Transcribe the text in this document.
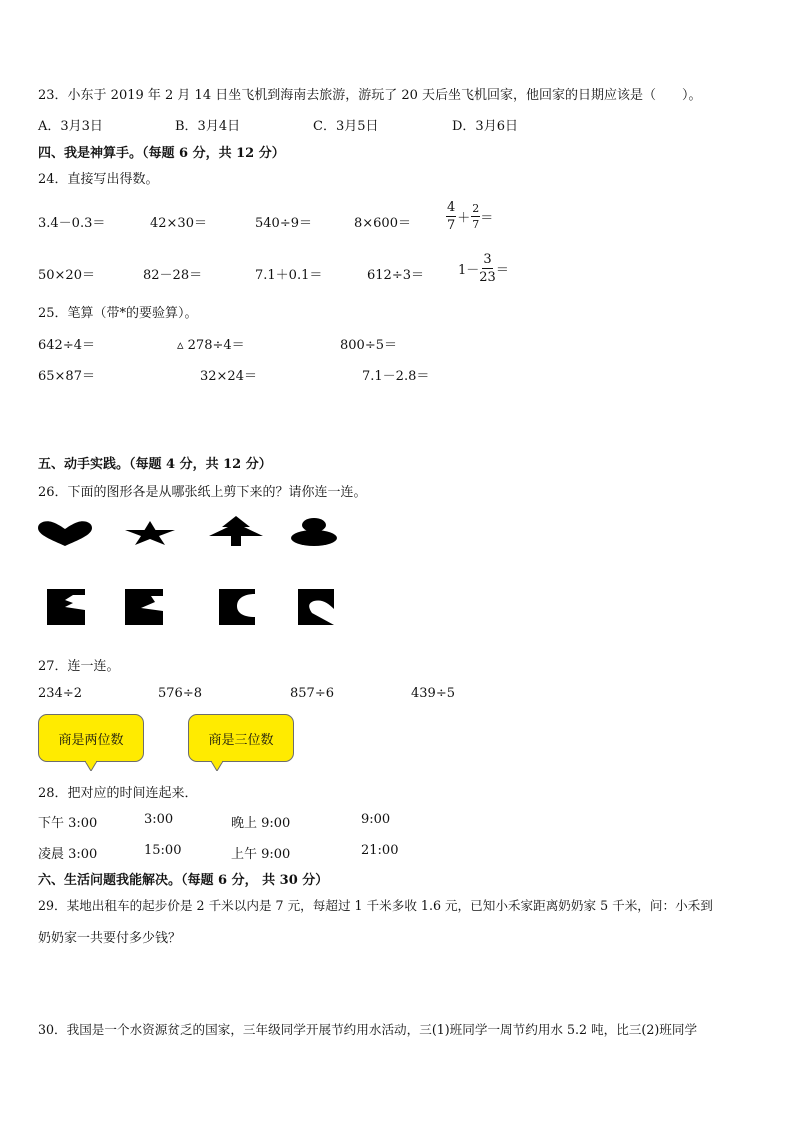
23．小东于 2019 年 2 月 14 日坐飞机到海南去旅游，游玩了 20 天后坐飞机回家，他回家的日期应该是（　　）。
A．3月3日	B．3月4日	C．3月5日	D．3月6日
四、我是神算手。（每题 6 分，共 12 分）
24．直接写出得数。
3.4－0.3＝	42×30＝	540÷9＝	8×600＝	$\frac{4}{7} + \frac{2}{7}$ ＝
50×20＝	82－28＝	7.1＋0.1＝	612÷3＝	$1- \frac{3}{23}$ ＝
25．笔算（带*的要验算）。
642÷4＝	▵ 278÷4＝	800÷5＝
65×87＝	32×24＝	7.1－2.8＝
五、动手实践。（每题 4 分，共 12 分）
26．下面的图形各是从哪张纸上剪下来的？请你连一连。
27．连一连。
234÷2	576÷8	857÷6	439÷5
商是两位数	商是三位数
28．把对应的时间连起来．
下午 3:00	3:00	晚上 9:00	9:00
凌晨 3:00	15:00	上午 9:00	21:00
六、生活问题我能解决。（每题 6 分， 共 30 分）
29．某地出租车的起步价是 2 千米以内是 7 元，每超过 1 千米多收 1.6 元，已知小禾家距离奶奶家 5 千米，问：小禾到
奶奶家一共要付多少钱？
30．我国是一个水资源贫乏的国家，三年级同学开展节约用水活动，三(1)班同学一周节约用水 5.2 吨，比三(2)班同学
